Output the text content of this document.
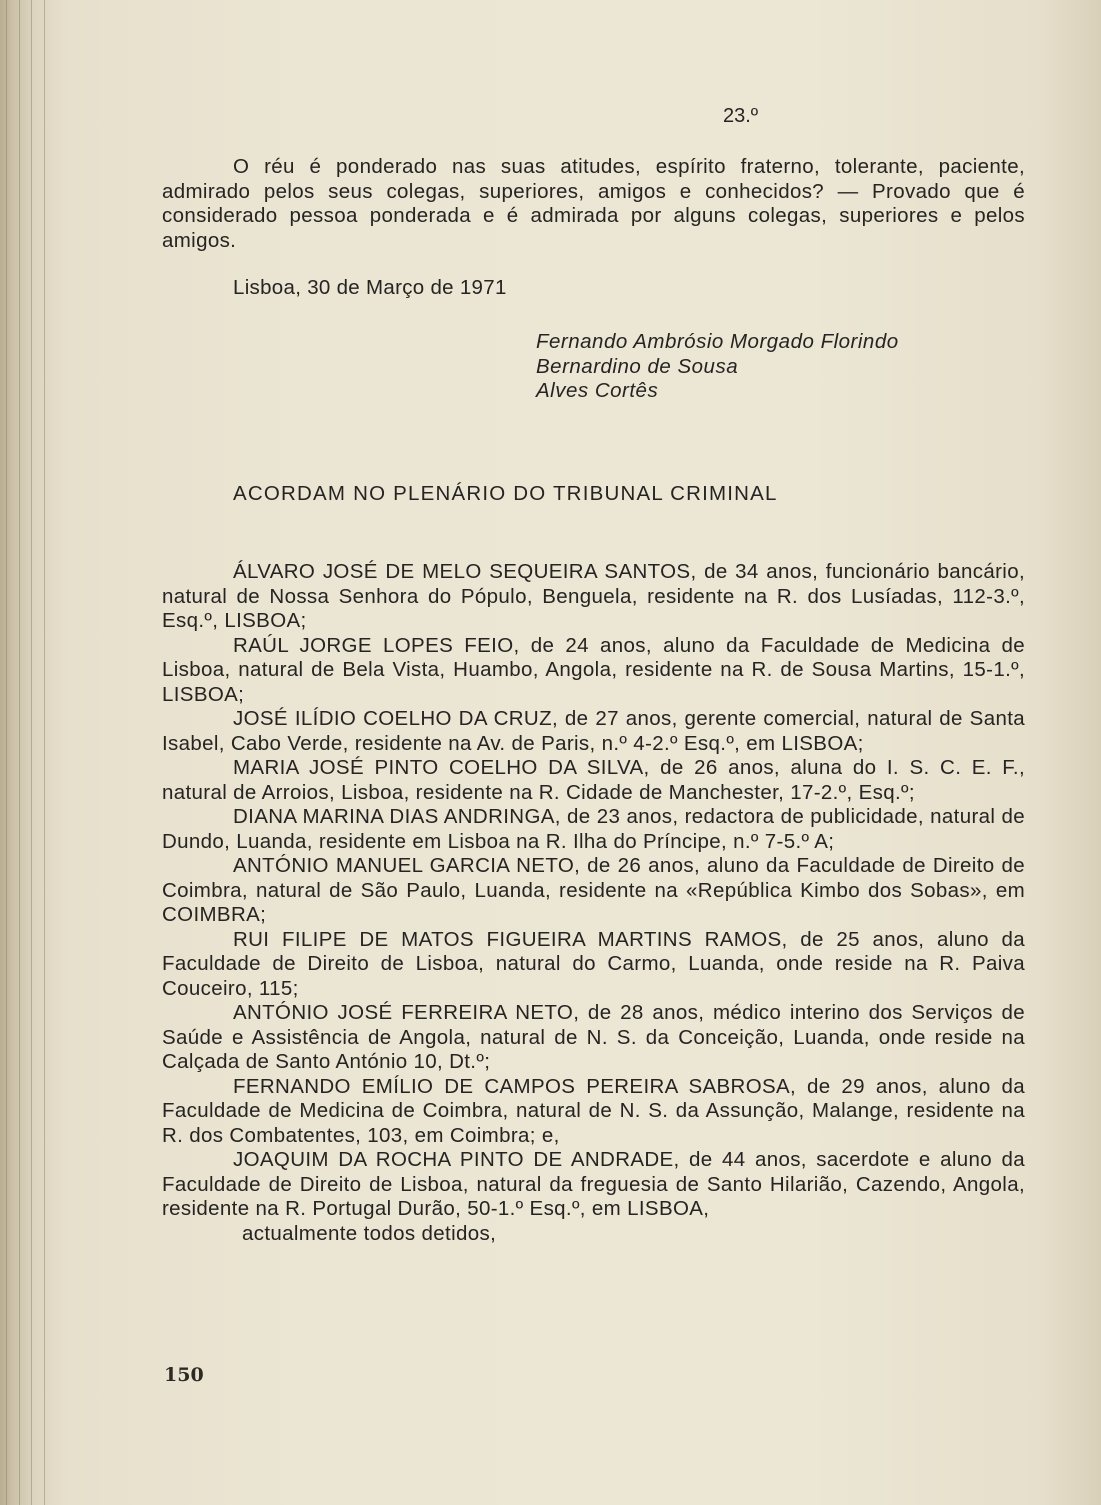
23.º

O réu é ponderado nas suas atitudes, espírito fraterno, tolerante, paciente, admirado pelos seus colegas, superiores, amigos e conhecidos? — Provado que é considerado pessoa ponderada e é admirada por alguns colegas, superiores e pelos amigos.

Lisboa, 30 de Março de 1971
Fernando Ambrósio Morgado Florindo
Bernardino de Sousa
Alves Cortês
ACORDAM NO PLENÁRIO DO TRIBUNAL CRIMINAL

ÁLVARO JOSÉ DE MELO SEQUEIRA SANTOS, de 34 anos, funcionário bancário, natural de Nossa Senhora do Pópulo, Benguela, residente na R. dos Lusíadas, 112-3.º, Esq.º, LISBOA;

RAÚL JORGE LOPES FEIO, de 24 anos, aluno da Faculdade de Medicina de Lisboa, natural de Bela Vista, Huambo, Angola, residente na R. de Sousa Martins, 15-1.º, LISBOA;

JOSÉ ILÍDIO COELHO DA CRUZ, de 27 anos, gerente comercial, natural de Santa Isabel, Cabo Verde, residente na Av. de Paris, n.º 4-2.º Esq.º, em LISBOA;

MARIA JOSÉ PINTO COELHO DA SILVA, de 26 anos, aluna do I. S. C. E. F., natural de Arroios, Lisboa, residente na R. Cidade de Manchester, 17-2.º, Esq.º;

DIANA MARINA DIAS ANDRINGA, de 23 anos, redactora de publicidade, natural de Dundo, Luanda, residente em Lisboa na R. Ilha do Príncipe, n.º 7-5.º A;

ANTÓNIO MANUEL GARCIA NETO, de 26 anos, aluno da Faculdade de Direito de Coimbra, natural de São Paulo, Luanda, residente na «República Kimbo dos Sobas», em COIMBRA;

RUI FILIPE DE MATOS FIGUEIRA MARTINS RAMOS, de 25 anos, aluno da Faculdade de Direito de Lisboa, natural do Carmo, Luanda, onde reside na R. Paiva Couceiro, 115;

ANTÓNIO JOSÉ FERREIRA NETO, de 28 anos, médico interino dos Serviços de Saúde e Assistência de Angola, natural de N. S. da Conceição, Luanda, onde reside na Calçada de Santo António 10, Dt.º;

FERNANDO EMÍLIO DE CAMPOS PEREIRA SABROSA, de 29 anos, aluno da Faculdade de Medicina de Coimbra, natural de N. S. da Assunção, Malange, residente na R. dos Combatentes, 103, em Coimbra; e,

JOAQUIM DA ROCHA PINTO DE ANDRADE, de 44 anos, sacerdote e aluno da Faculdade de Direito de Lisboa, natural da freguesia de Santo Hilarião, Cazendo, Angola, residente na R. Portugal Durão, 50-1.º Esq.º, em LISBOA,

actualmente todos detidos,

150
